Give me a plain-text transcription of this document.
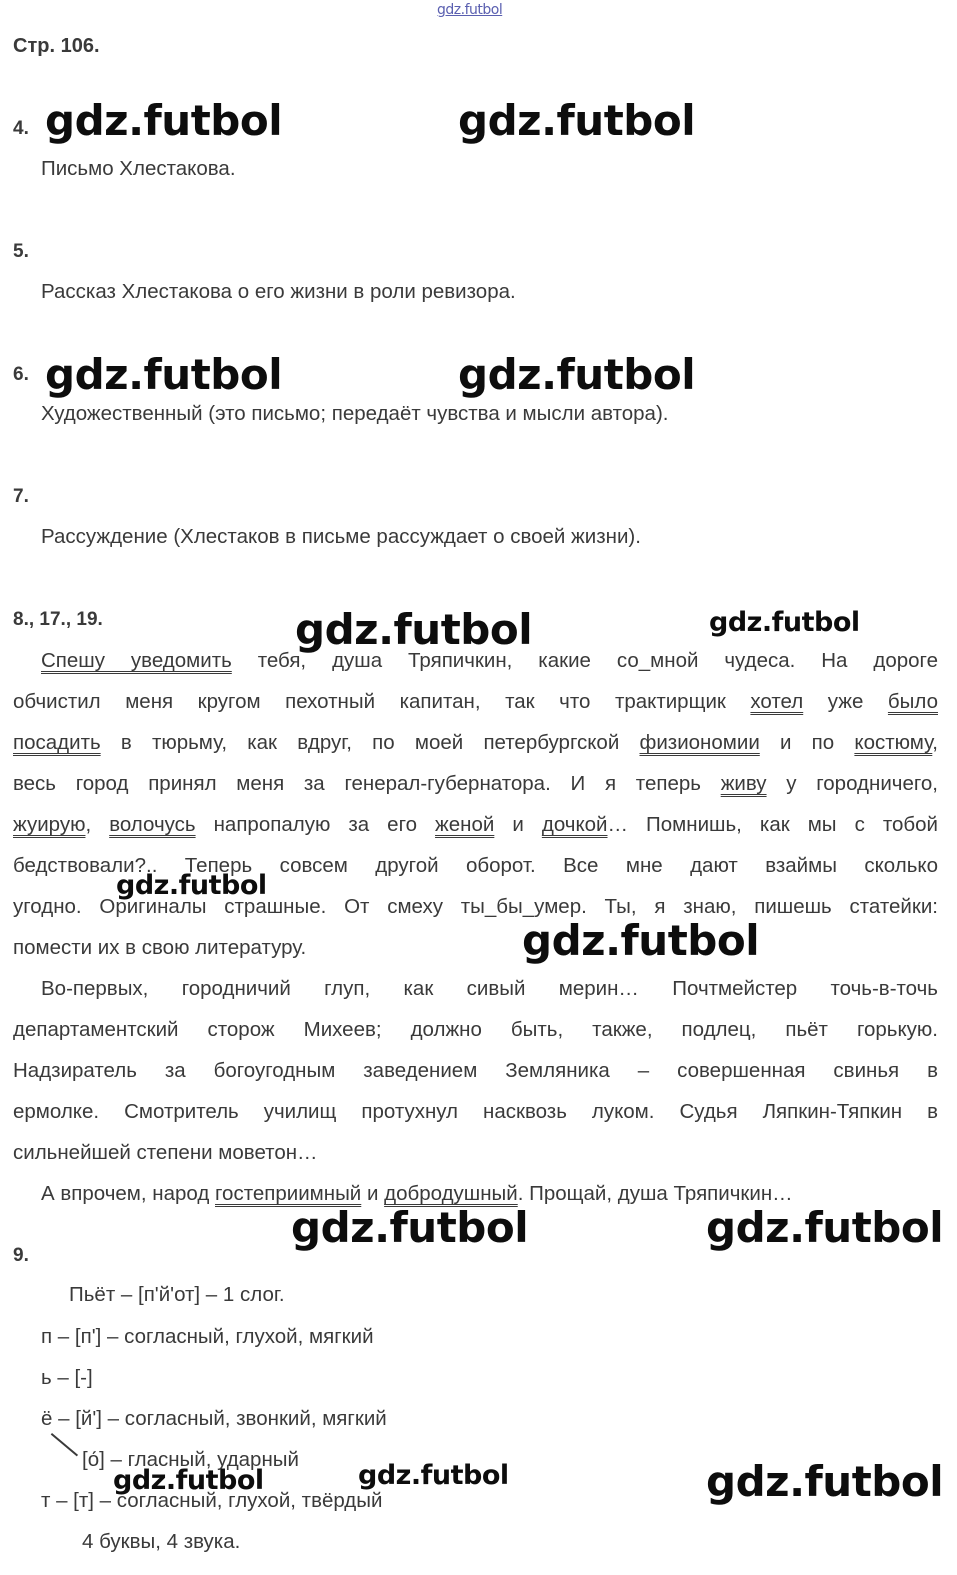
gdz.futbol
gdz.futbol	gdz.futbol
gdz.futbol	gdz.futbol
gdz.futbol	gdz.futbol
gdz.futbol
gdz.futbol
gdz.futbol	gdz.futbol
gdz.futbol	gdz.futbol	gdz.futbol
Стр. 106.
4.
Письмо Хлестакова.
5.
Рассказ Хлестакова о его жизни в роли ревизора.
6.
Художественный (это письмо; передаёт чувства и мысли автора).
7.
Рассуждение (Хлестаков в письме рассуждает о своей жизни).
8., 17., 19.
Спешу уведомить тебя, душа Тряпичкин, какие со_мной чудеса. На дороге
обчистил меня кругом пехотный капитан, так что трактирщик хотел уже было
посадить в тюрьму, как вдруг, по моей петербургской физиономии и по костюму,
весь город принял меня за генерал-губернатора. И я теперь живу у городничего,
жуирую, волочусь напропалую за его женой и дочкой… Помнишь, как мы с тобой
бедствовали?.. Теперь совсем другой оборот. Все мне дают взаймы сколько
угодно. Оригиналы страшные. От смеху ты_бы_умер. Ты, я знаю, пишешь статейки:
помести их в свою литературу.
Во-первых, городничий глуп, как сивый мерин… Почтмейстер точь-в-точь
департаментский сторож Михеев; должно быть, также, подлец, пьёт горькую.
Надзиратель за богоугодным заведением Земляника – совершенная свинья в
ермолке. Смотритель училищ протухнул насквозь луком. Судья Ляпкин-Тяпкин в
сильнейшей степени моветон…
А впрочем, народ гостеприимный и добродушный. Прощай, душа Тряпичкин…
9.
Пьёт – [п'й'от] – 1 слог.
п – [п'] – согласный, глухой, мягкий
ь – [-]
ё – [й'] – согласный, звонкий, мягкий
[о́] – гласный, ударный
т – [т] – согласный, глухой, твёрдый
4 буквы, 4 звука.
